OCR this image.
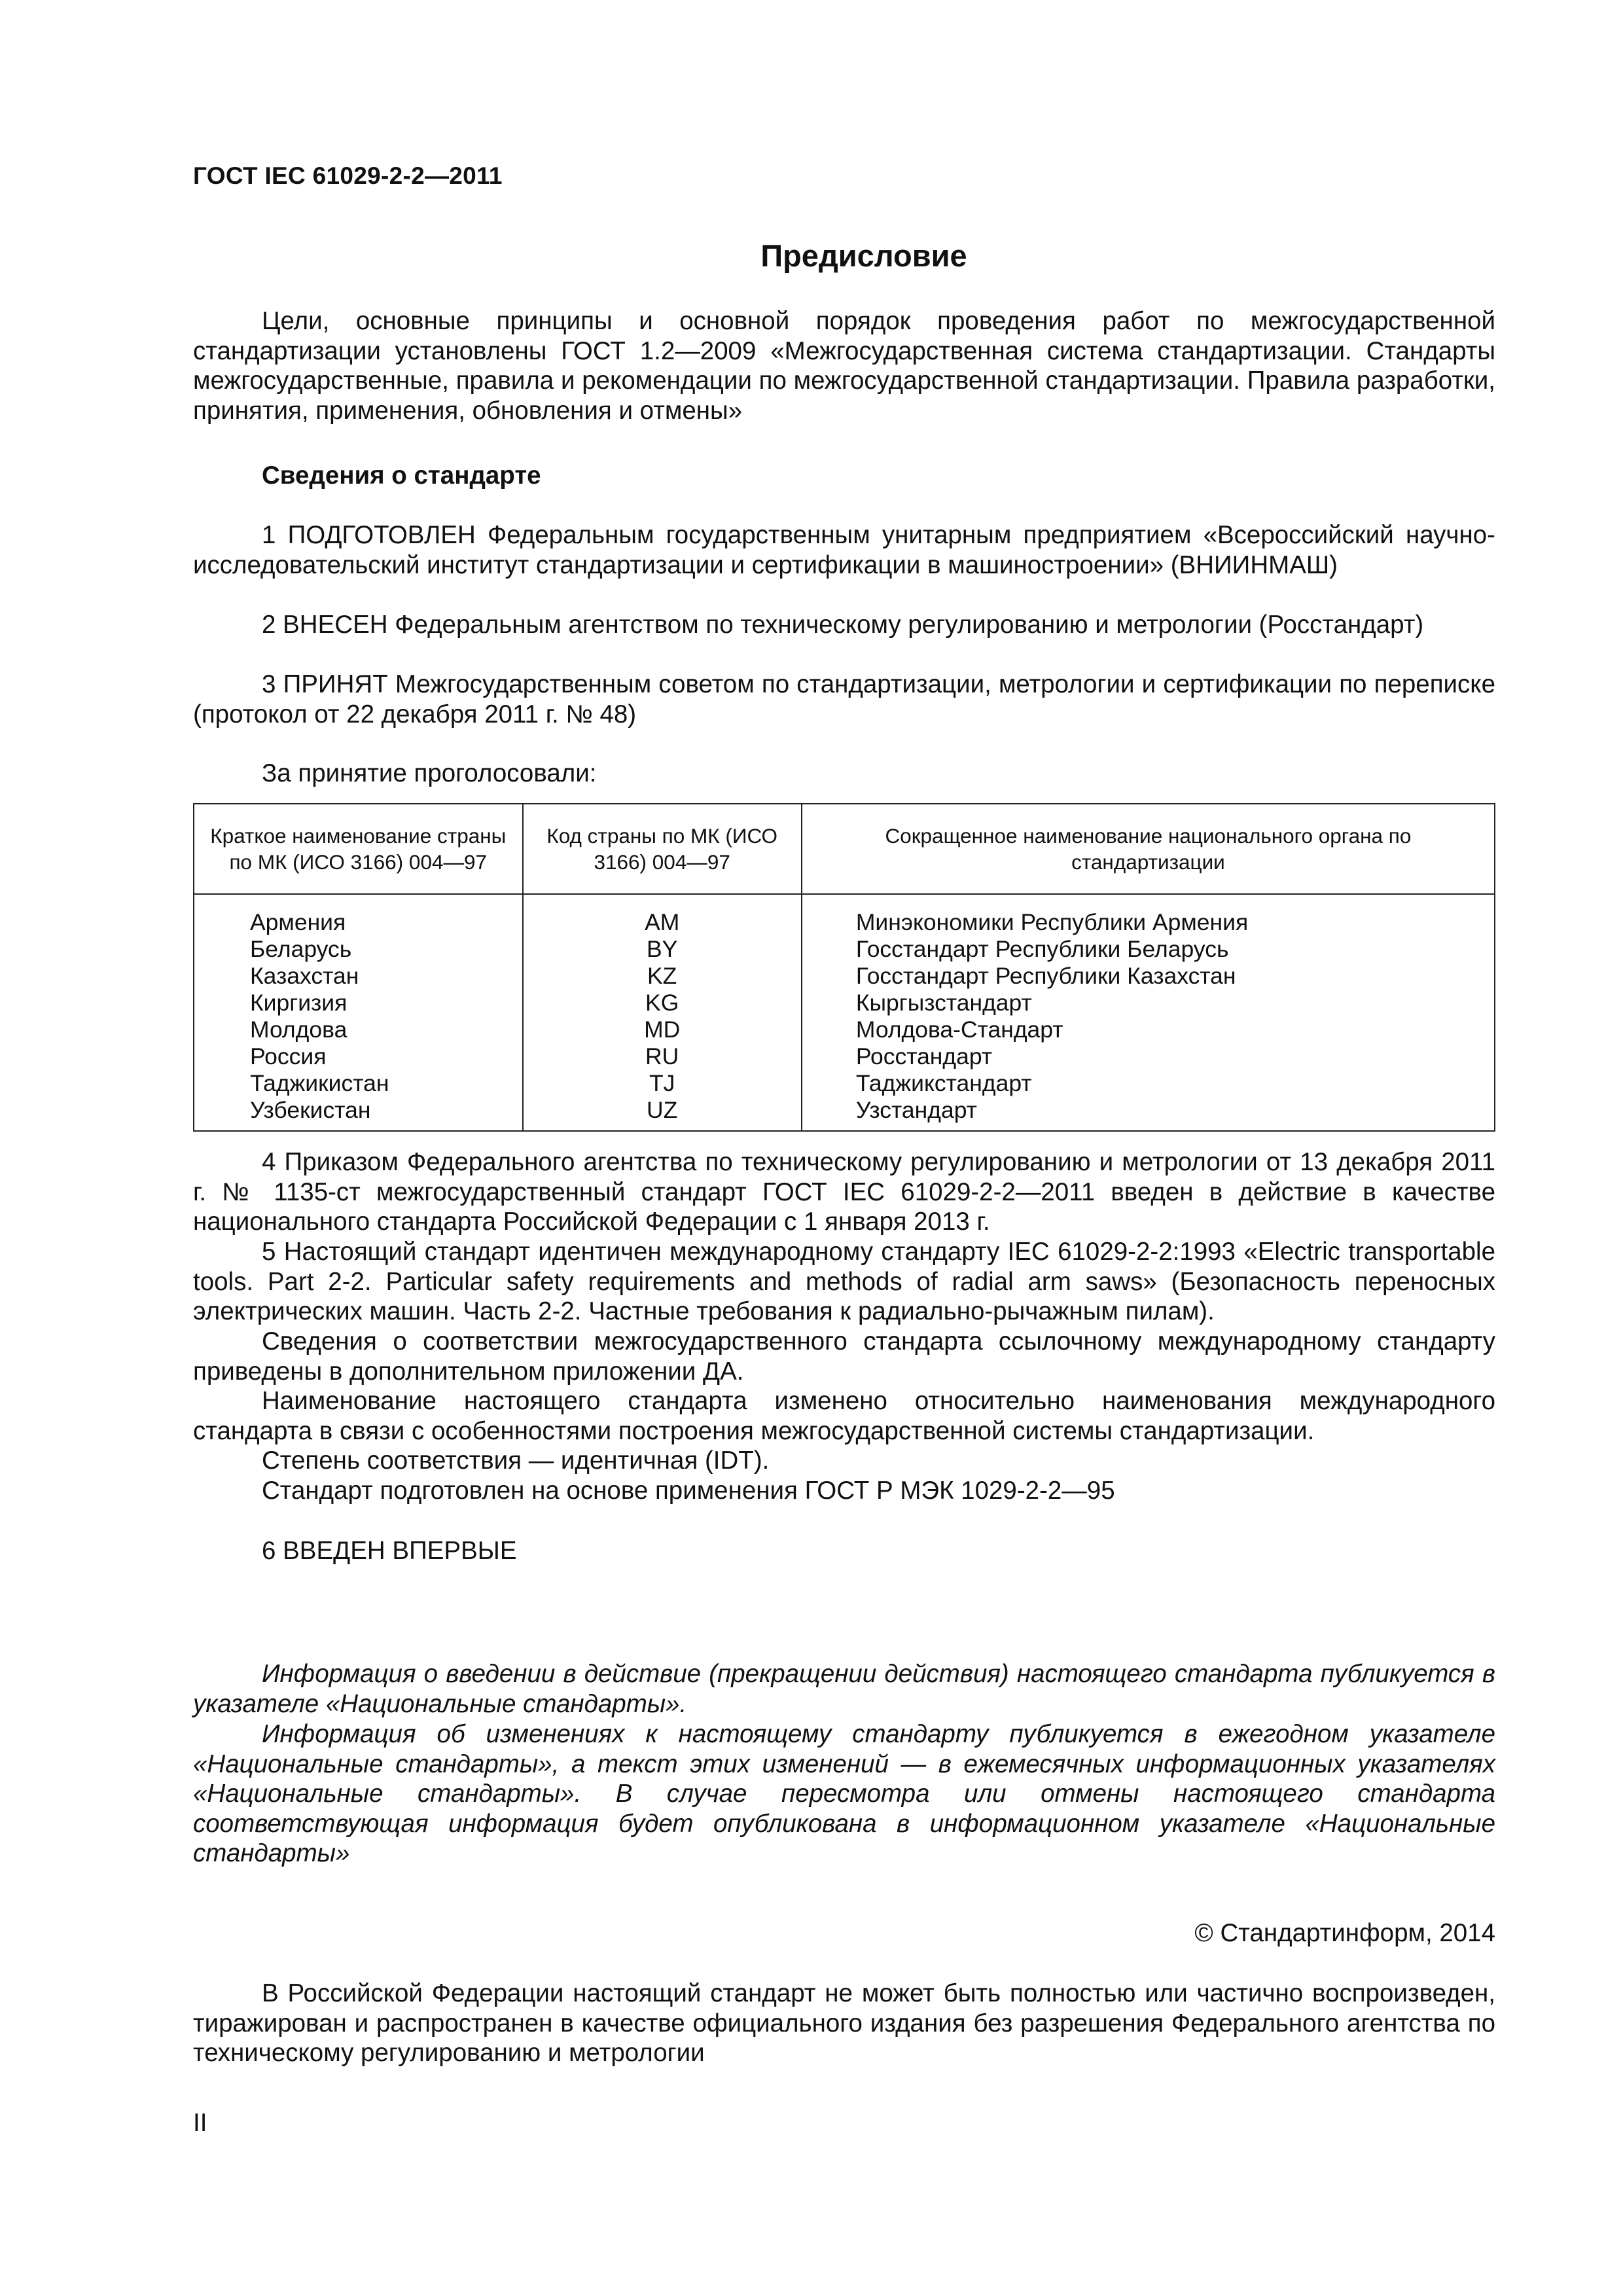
ГОСТ IEC 61029-2-2—2011
Предисловие

Цели, основные принципы и основной порядок проведения работ по межгосударственной стандартизации установлены ГОСТ 1.2—2009 «Межгосударственная система стандартизации. Стандарты межгосударственные, правила и рекомендации по межгосударственной стандартизации. Правила разработки, принятия, применения, обновления и отмены»

Сведения о стандарте

1 ПОДГОТОВЛЕН Федеральным государственным унитарным предприятием «Всероссийский научно-исследовательский институт стандартизации и сертификации в машиностроении» (ВНИИНМАШ)

2 ВНЕСЕН Федеральным агентством по техническому регулированию и метрологии (Росстандарт)

3 ПРИНЯТ Межгосударственным советом по стандартизации, метрологии и сертификации по переписке (протокол от 22 декабря 2011 г. № 48)

За принятие проголосовали:
Краткое наименование страны по МК (ИСО 3166) 004—97	Код страны по МК (ИСО 3166) 004—97	Сокращенное наименование национального органа по стандартизации
Армения	AM	Минэкономики Республики Армения
Беларусь	BY	Госстандарт Республики Беларусь
Казахстан	KZ	Госстандарт Республики Казахстан
Киргизия	KG	Кыргызстандарт
Молдова	MD	Молдова-Стандарт
Россия	RU	Росстандарт
Таджикистан	TJ	Таджикстандарт
Узбекистан	UZ	Узстандарт

4 Приказом Федерального агентства по техническому регулированию и метрологии от 13 декабря 2011 г. № 1135-ст межгосударственный стандарт ГОСТ IEC 61029-2-2—2011 введен в действие в качестве национального стандарта Российской Федерации с 1 января 2013 г.

5 Настоящий стандарт идентичен международному стандарту IEC 61029-2-2:1993 «Electric transportable tools. Part 2-2. Particular safety requirements and methods of radial arm saws» (Безопасность переносных электрических машин. Часть 2-2. Частные требования к радиально-рычажным пилам).

Сведения о соответствии межгосударственного стандарта ссылочному международному стандарту приведены в дополнительном приложении ДА.

Наименование настоящего стандарта изменено относительно наименования международного стандарта в связи с особенностями построения межгосударственной системы стандартизации.

Степень соответствия — идентичная (IDT).

Стандарт подготовлен на основе применения ГОСТ Р МЭК 1029-2-2—95

6 ВВЕДЕН ВПЕРВЫЕ

Информация о введении в действие (прекращении действия) настоящего стандарта публикуется в указателе «Национальные стандарты».

Информация об изменениях к настоящему стандарту публикуется в ежегодном указателе «Национальные стандарты», а текст этих изменений — в ежемесячных информационных указателях «Национальные стандарты». В случае пересмотра или отмены настоящего стандарта соответствующая информация будет опубликована в информационном указателе «Национальные стандарты»

© Стандартинформ, 2014

В Российской Федерации настоящий стандарт не может быть полностью или частично воспроизведен, тиражирован и распространен в качестве официального издания без разрешения Федерального агентства по техническому регулированию и метрологии

II
